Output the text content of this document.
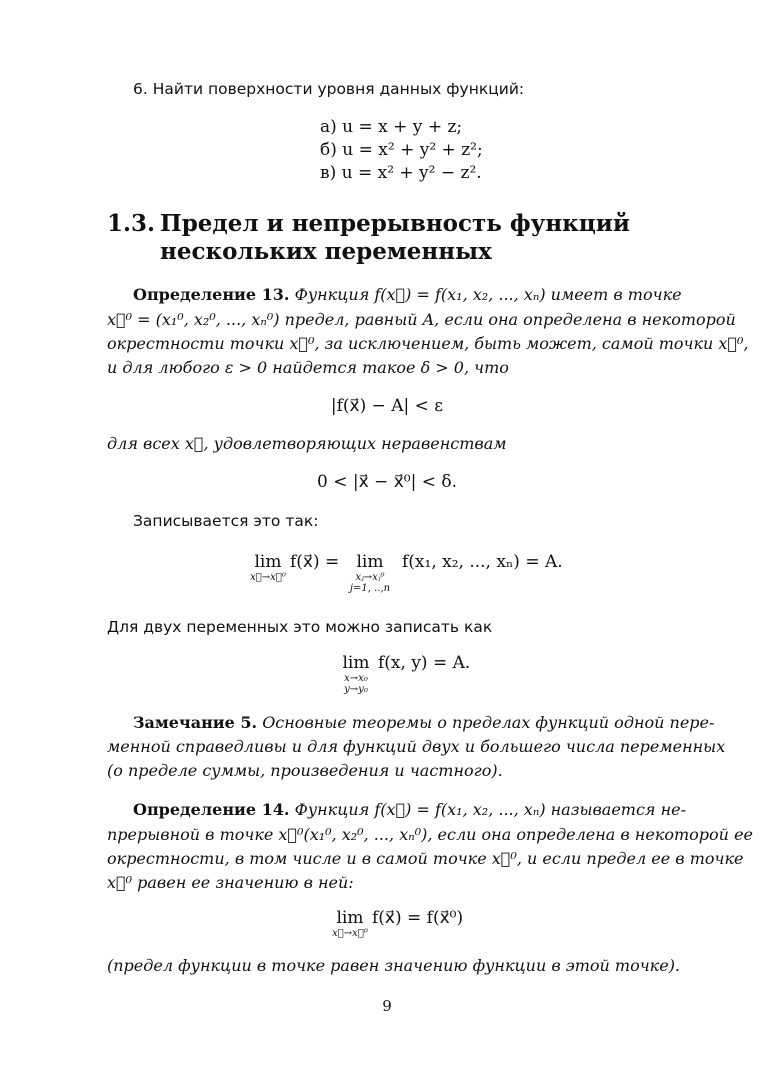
6. Найти поверхности уровня данных функций:
а) u = x + y + z;
б) u = x² + y² + z²;
в) u = x² + y² − z².
1.3. Предел и непрерывность функций
нескольких переменных
Определение 13. Функция f(x⃗) = f(x₁, x₂, ..., xₙ) имеет в точке
x⃗⁰ = (x₁⁰, x₂⁰, ..., xₙ⁰) предел, равный A, если она определена в некоторой
окрестности точки x⃗⁰, за исключением, быть может, самой точки x⃗⁰,
и для любого ε > 0 найдется такое δ > 0, что
|f(x⃗) − A| < ε
для всех x⃗, удовлетворяющих неравенствам
0 < |x⃗ − x⃗⁰| < δ.
Записывается это так:
lim
x⃗→x⃗⁰
f(x⃗) =	lim
xⱼ→xⱼ⁰
j=1, ..,n
f(x₁, x₂, ..., xₙ) = A.
Для двух переменных это можно записать как
lim
x→x₀
y→y₀
f(x, y) = A.
Замечание 5. Основные теоремы о пределах функций одной пере-
менной справедливы и для функций двух и большего числа переменных
(о пределе суммы, произведения и частного).
Определение 14. Функция f(x⃗) = f(x₁, x₂, ..., xₙ) называется не-
прерывной в точке x⃗⁰(x₁⁰, x₂⁰, ..., xₙ⁰), если она определена в некоторой ее
окрестности, в том числе и в самой точке x⃗⁰, и если предел ее в точке
x⃗⁰ равен ее значению в ней:
lim
x⃗→x⃗⁰
f(x⃗) = f(x⃗⁰)
(предел функции в точке равен значению функции в этой точке).
9
